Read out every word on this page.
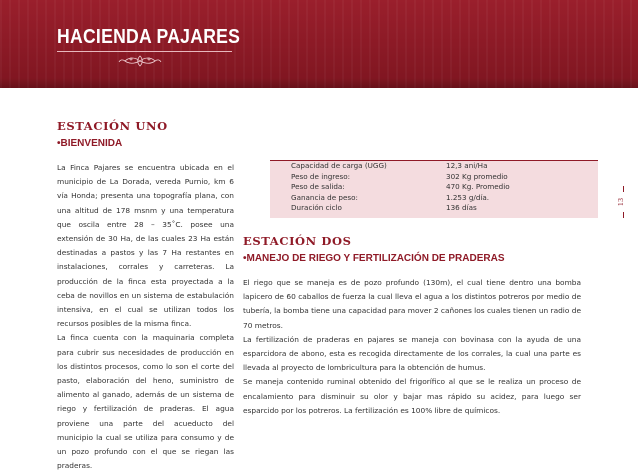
HACIENDA PAJARES
ESTACIÓN UNO
•BIENVENIDA

La Finca Pajares se encuentra ubicada en el municipio de La Dorada, vereda Purnio, km 6 vía Honda; presenta una topografía plana, con una altitud de 178 msnm y una temperatura que oscila entre 28 – 35˚C. posee una extensión de 30 Ha, de las cuales 23 Ha están destinadas a pastos y las 7 Ha restantes en instalaciones, corrales y carreteras. La producción de la finca esta proyectada a la ceba de novillos en un sistema de estabulación intensiva, en el cual se utilizan todos los recursos posibles de la misma finca.

La finca cuenta con la maquinaria completa para cubrir sus necesidades de producción en los distintos procesos, como lo son el corte del pasto, elaboración del heno, suministro de alimento al ganado, además de un sistema de riego y fertilización de praderas. El agua proviene una parte del acueducto del municipio la cual se utiliza para consumo y de un pozo profundo con el que se riegan las praderas.

Capacidad de carga (UGG)	12,3 ani/Ha
Peso de ingreso:	302 Kg promedio
Peso de salida:	470 Kg. Promedio
Ganancia de peso:	1.253 g/día.
Duración ciclo	136 días
ESTACIÓN DOS
•MANEJO DE RIEGO Y FERTILIZACIÓN DE PRADERAS

El riego que se maneja es de pozo profundo (130m), el cual tiene dentro una bomba lapicero de 60 caballos de fuerza la cual lleva el agua a los distintos potreros por medio de tubería, la bomba tiene una capacidad para mover 2 cañones los cuales tienen un radio de 70 metros.

La fertilización de praderas en pajares se maneja con bovinasa con la ayuda de una esparcidora de abono, esta es recogida directamente de los corrales, la cual una parte es llevada al proyecto de lombricultura para la obtención de humus.

Se maneja contenido ruminal obtenido del frigorífico al que se le realiza un proceso de encalamiento para disminuir su olor y bajar mas rápido su acidez, para luego ser esparcido por los potreros. La fertilización es 100% libre de químicos.

13
